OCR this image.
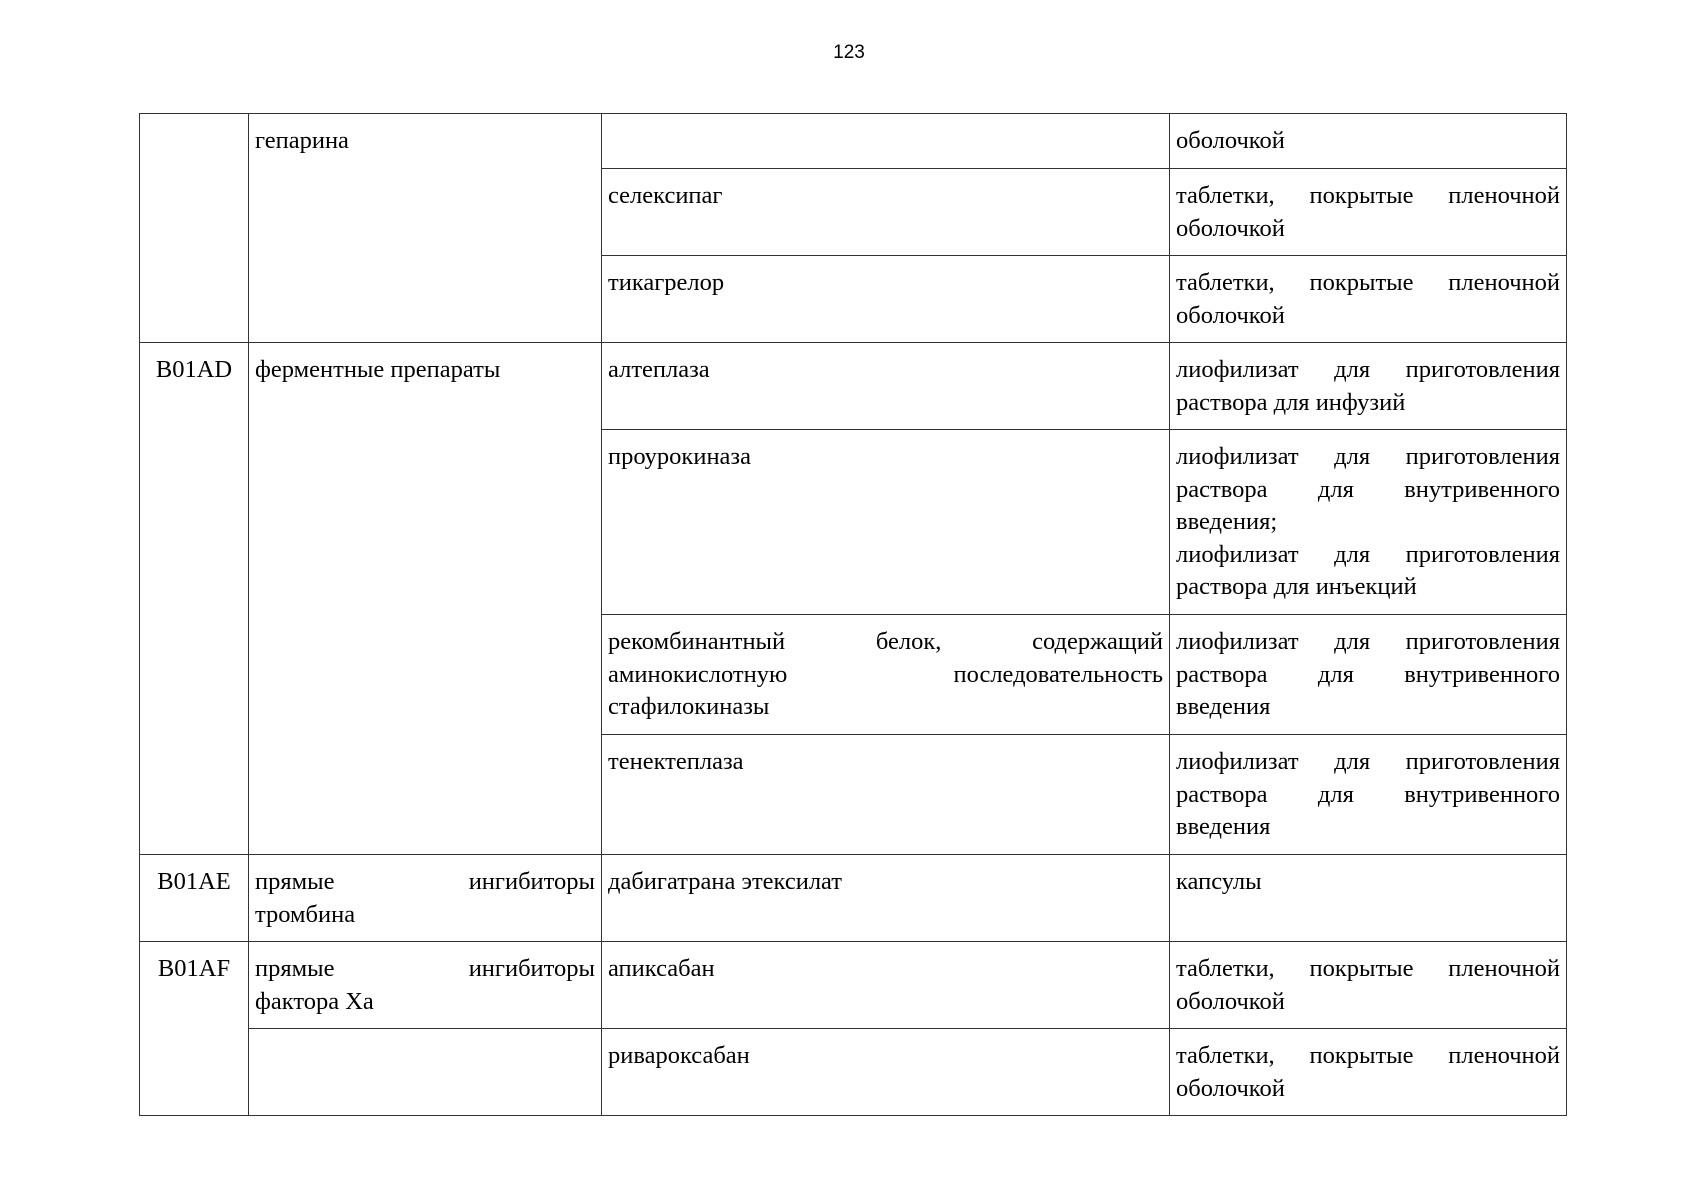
123
	гепарина		оболочкой
		селексипаг	таблетки, покрытые пленочной
оболочкой

		тикагрелор	таблетки, покрытые пленочной
оболочкой

B01AD	ферментные препараты	алтеплаза	лиофилизат для приготовления
раствора для инфузий

		проурокиназа	лиофилизат для приготовления
раствора для внутривенного
введения;
лиофилизат для приготовления
раствора для инъекций

		рекомбинантный белок, содержащий
аминокислотную последовательность
стафилокиназы	лиофилизат для приготовления
раствора для внутривенного
введения

		тенектеплаза	лиофилизат для приготовления
раствора для внутривенного
введения

B01AE	прямые ингибиторы
тромбина	дабигатрана этексилат	капсулы
B01AF	прямые ингибиторы
фактора Xa	апиксабан	таблетки, покрытые пленочной
оболочкой

		ривароксабан	таблетки, покрытые пленочной
оболочкой
